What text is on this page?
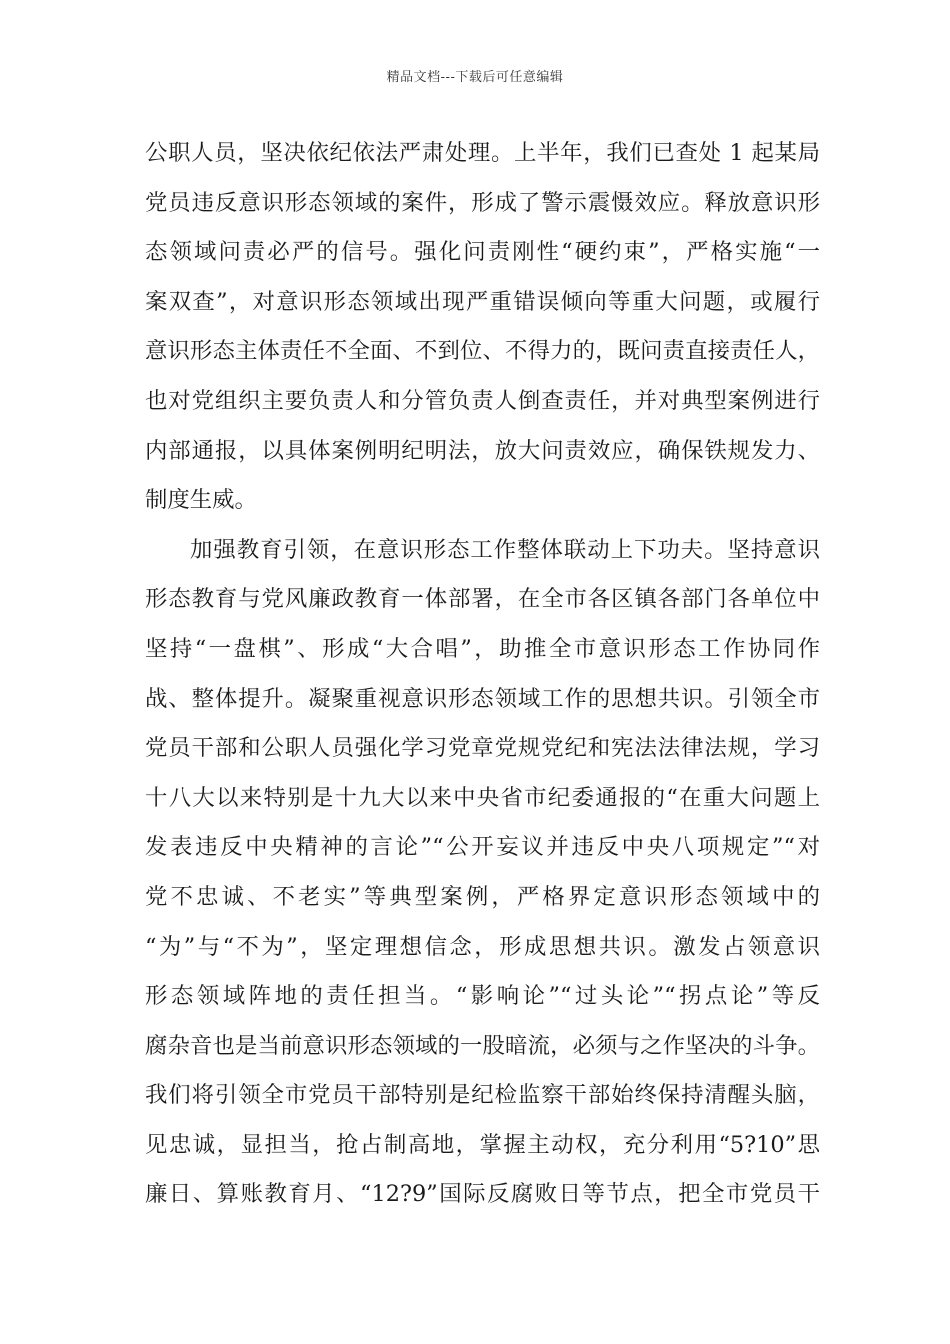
精品文档---下载后可任意编辑
公职人员，坚决依纪依法严肃处理。上半年，我们已查处 1 起某局
党员违反意识形态领域的案件，形成了警示震慑效应。释放意识形
态领域问责必严的信号。强化问责刚性“硬约束”，严格实施“一
案双查”，对意识形态领域出现严重错误倾向等重大问题，或履行
意识形态主体责任不全面、不到位、不得力的，既问责直接责任人，
也对党组织主要负责人和分管负责人倒查责任，并对典型案例进行
内部通报，以具体案例明纪明法，放大问责效应，确保铁规发力、
制度生威。
加强教育引领，在意识形态工作整体联动上下功夫。坚持意识
形态教育与党风廉政教育一体部署，在全市各区镇各部门各单位中
坚持“一盘棋”、形成“大合唱”，助推全市意识形态工作协同作
战、整体提升。凝聚重视意识形态领域工作的思想共识。引领全市
党员干部和公职人员强化学习党章党规党纪和宪法法律法规，学习
十八大以来特别是十九大以来中央省市纪委通报的“在重大问题上
发表违反中央精神的言论”“公开妄议并违反中央八项规定”“对
党不忠诚、不老实”等典型案例，严格界定意识形态领域中的
“为”与“不为”，坚定理想信念，形成思想共识。激发占领意识
形态领域阵地的责任担当。“影响论”“过头论”“拐点论”等反
腐杂音也是当前意识形态领域的一股暗流，必须与之作坚决的斗争。
我们将引领全市党员干部特别是纪检监察干部始终保持清醒头脑，
见忠诚，显担当，抢占制高地，掌握主动权，充分利用“5?10”思
廉日、算账教育月、“12?9”国际反腐败日等节点，把全市党员干
